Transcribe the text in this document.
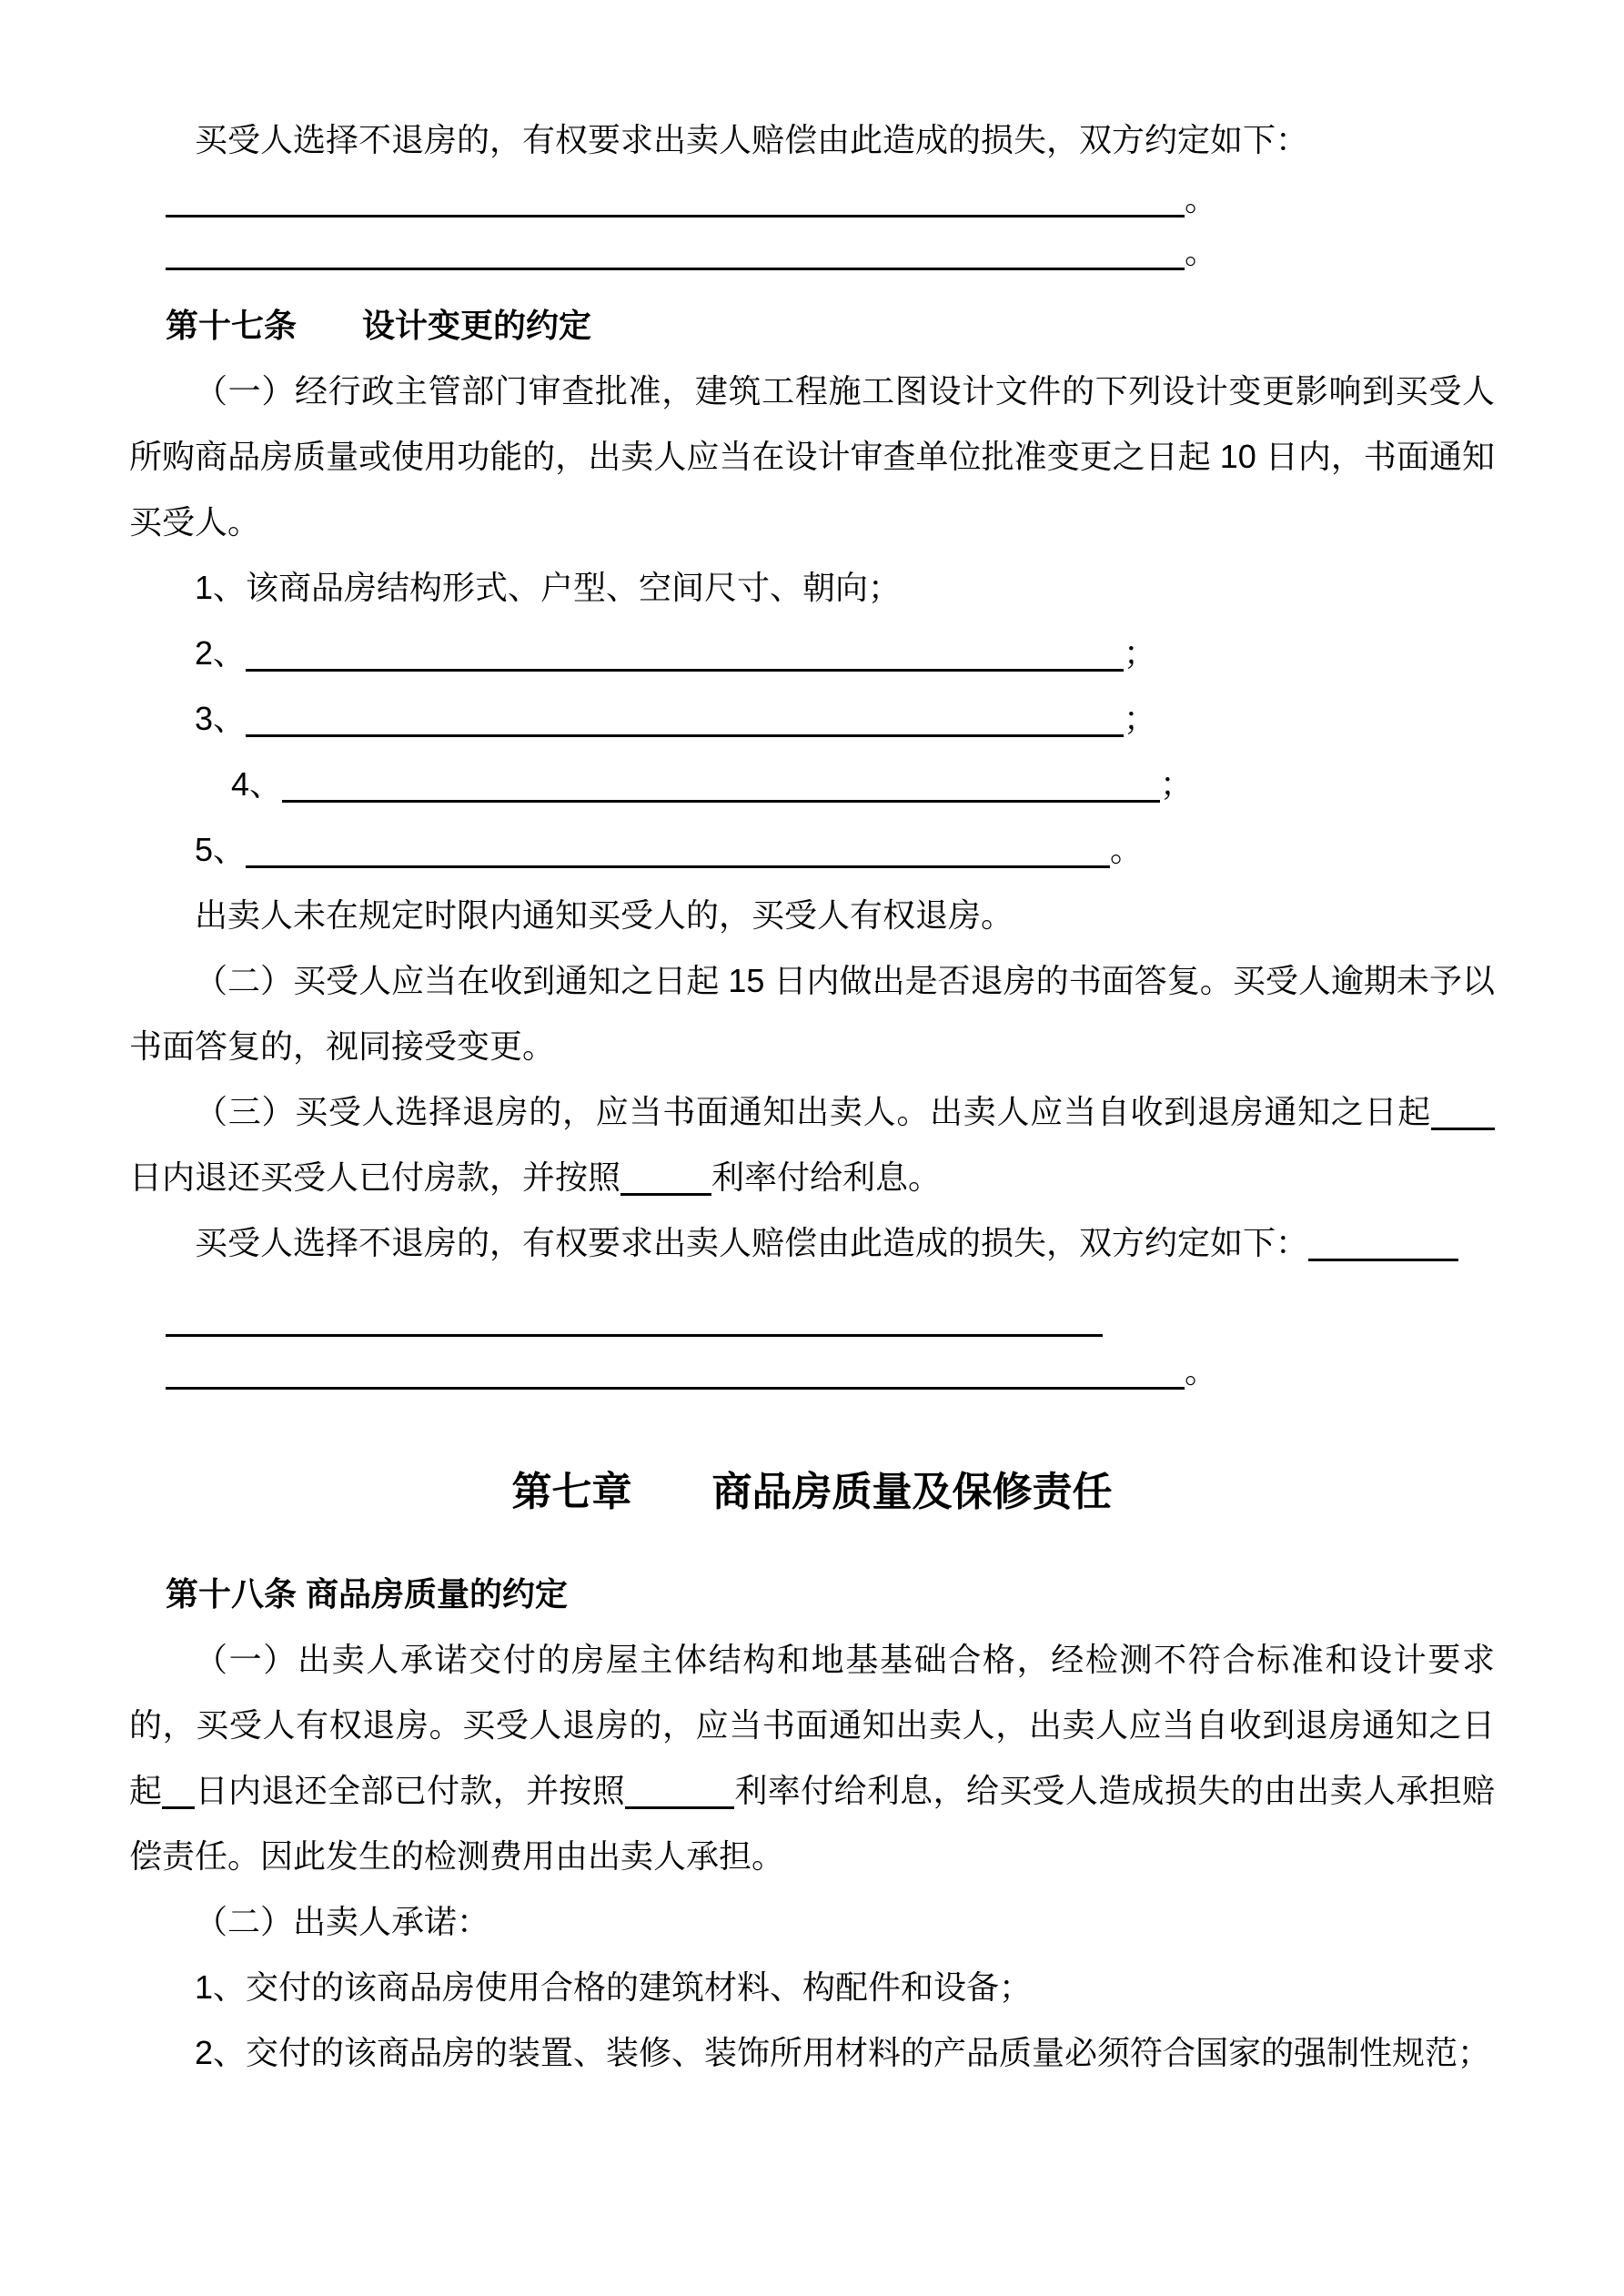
买受人选择不退房的，有权要求出卖人赔偿由此造成的损失，双方约定如下：
。
。
第十七条　　设计变更的约定
（一）经行政主管部门审查批准，建筑工程施工图设计文件的下列设计变更影响到买受人所购商品房质量或使用功能的，出卖人应当在设计审查单位批准变更之日起 10 日内，书面通知买受人。
1、该商品房结构形式、户型、空间尺寸、朝向；
2、	；
3、	；
4、	；
5、	。
出卖人未在规定时限内通知买受人的，买受人有权退房。
（二）买受人应当在收到通知之日起 15 日内做出是否退房的书面答复。买受人逾期未予以书面答复的，视同接受变更。
（三）买受人选择退房的，应当书面通知出卖人。出卖人应当自收到退房通知之日起日内退还买受人已付房款，并按照	利率付给利息。
买受人选择不退房的，有权要求出卖人赔偿由此造成的损失，双方约定如下：
。
第七章　　商品房质量及保修责任
第十八条 商品房质量的约定
（一）出卖人承诺交付的房屋主体结构和地基基础合格，经检测不符合标准和设计要求的，买受人有权退房。买受人退房的，应当书面通知出卖人，出卖人应当自收到退房通知之日起 日内退还全部已付款，并按照	利率付给利息，给买受人造成损失的由出卖人承担赔偿责任。因此发生的检测费用由出卖人承担。
（二）出卖人承诺：
1、交付的该商品房使用合格的建筑材料、构配件和设备；
2、交付的该商品房的装置、装修、装饰所用材料的产品质量必须符合国家的强制性规范；
